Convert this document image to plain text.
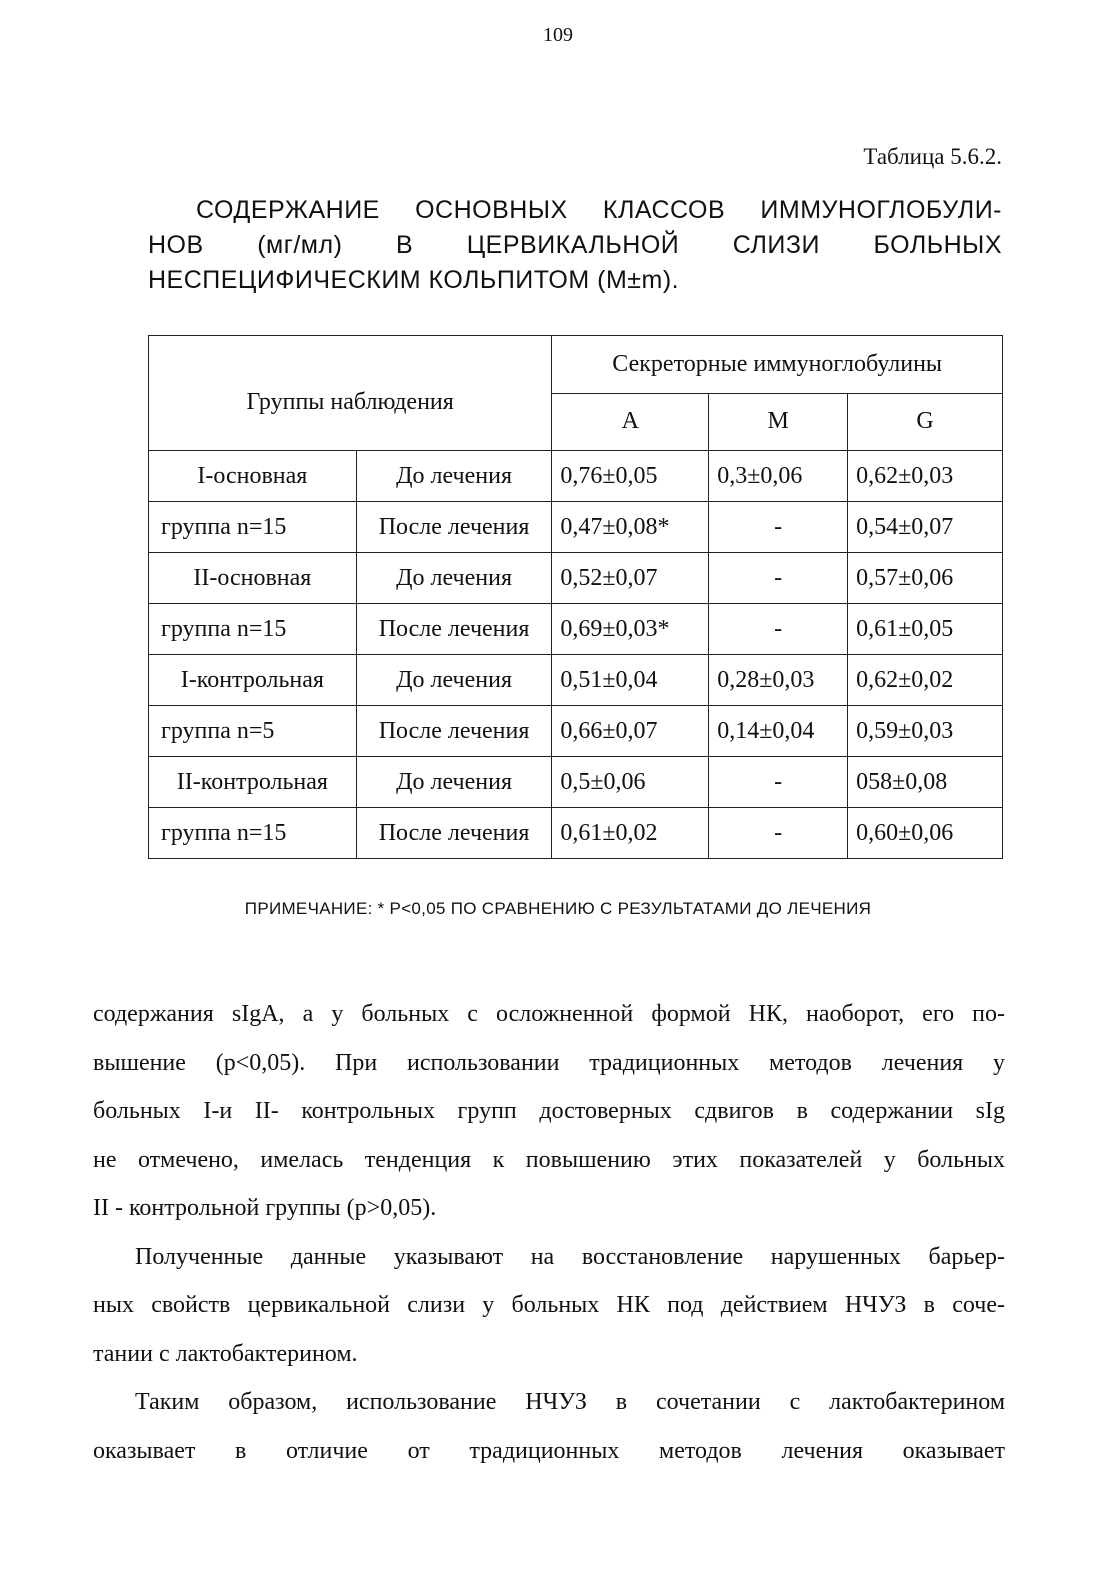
109
Таблица 5.6.2.
СОДЕРЖАНИЕ ОСНОВНЫХ КЛАССОВ ИММУНОГЛОБУЛИ-
НОВ (мг/мл) В ЦЕРВИКАЛЬНОЙ СЛИЗИ БОЛЬНЫХ
НЕСПЕЦИФИЧЕСКИМ КОЛЬПИТОМ (М±m).
Группы наблюдения		Секреторные иммуноглобулины		
		А	М	G
I-основная	До лечения	0,76±0,05	0,3±0,06	0,62±0,03
группа n=15	После лечения	0,47±0,08*	-	0,54±0,07
II-основная	До лечения	0,52±0,07	-	0,57±0,06
группа n=15	После лечения	0,69±0,03*	-	0,61±0,05
I-контрольная	До лечения	0,51±0,04	0,28±0,03	0,62±0,02
группа n=5	После лечения	0,66±0,07	0,14±0,04	0,59±0,03
II-контрольная	До лечения	0,5±0,06	-	058±0,08
группа n=15	После лечения	0,61±0,02	-	0,60±0,06
ПРИМЕЧАНИЕ: * Р<0,05 ПО СРАВНЕНИЮ С РЕЗУЛЬТАТАМИ ДО ЛЕЧЕНИЯ

содержания sIgA, а у больных с осложненной формой НК, наоборот, его по-
вышение (р<0,05). При использовании традиционных методов лечения у
больных I-и II- контрольных групп достоверных сдвигов в содержании sIg
не отмечено, имелась тенденция к повышению этих показателей у больных
II - контрольной группы (р>0,05).

Полученные данные указывают на восстановление нарушенных барьер-
ных свойств цервикальной слизи у больных НК под действием НЧУЗ в соче-
тании с лактобактерином.

Таким образом, использование НЧУЗ в сочетании с лактобактерином
оказывает в отличие от традиционных методов лечения оказывает
